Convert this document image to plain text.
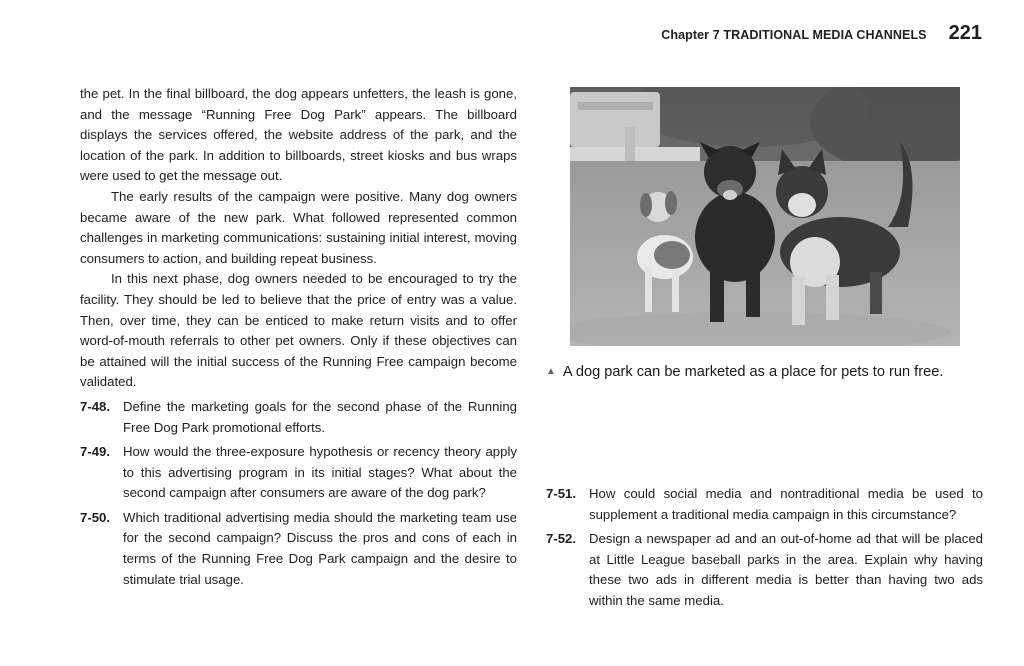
Chapter 7 TRADITIONAL MEDIA CHANNELS 221

the pet. In the final billboard, the dog appears unfetters, the leash is gone, and the message “Running Free Dog Park” appears. The billboard displays the services offered, the website address of the park, and the location of the park. In addition to billboards, street kiosks and bus wraps were used to get the message out.

The early results of the campaign were positive. Many dog owners became aware of the new park. What followed represented common challenges in marketing communications: sustaining initial interest, moving consumers to action, and building repeat business.

In this next phase, dog owners needed to be encouraged to try the facility. They should be led to believe that the price of entry was a value. Then, over time, they can be enticed to make return visits and to offer word-of-mouth referrals to other pet owners. Only if these objectives can be attained will the initial success of the Running Free campaign become validated.

7-48. Define the marketing goals for the second phase of the Running Free Dog Park promotional efforts.
7-49. How would the three-exposure hypothesis or recency theory apply to this advertising program in its initial stages? What about the second campaign after consumers are aware of the dog park?
7-50. Which traditional advertising media should the marketing team use for the second campaign? Discuss the pros and cons of each in terms of the Running Free Dog Park campaign and the desire to stimulate trial usage.
▲ A dog park can be marketed as a place for pets to run free.
7-51. How could social media and nontraditional media be used to supplement a traditional media campaign in this circumstance?
7-52. Design a newspaper ad and an out-of-home ad that will be placed at Little League baseball parks in the area. Explain why having these two ads in different media is better than having two ads within the same media.
